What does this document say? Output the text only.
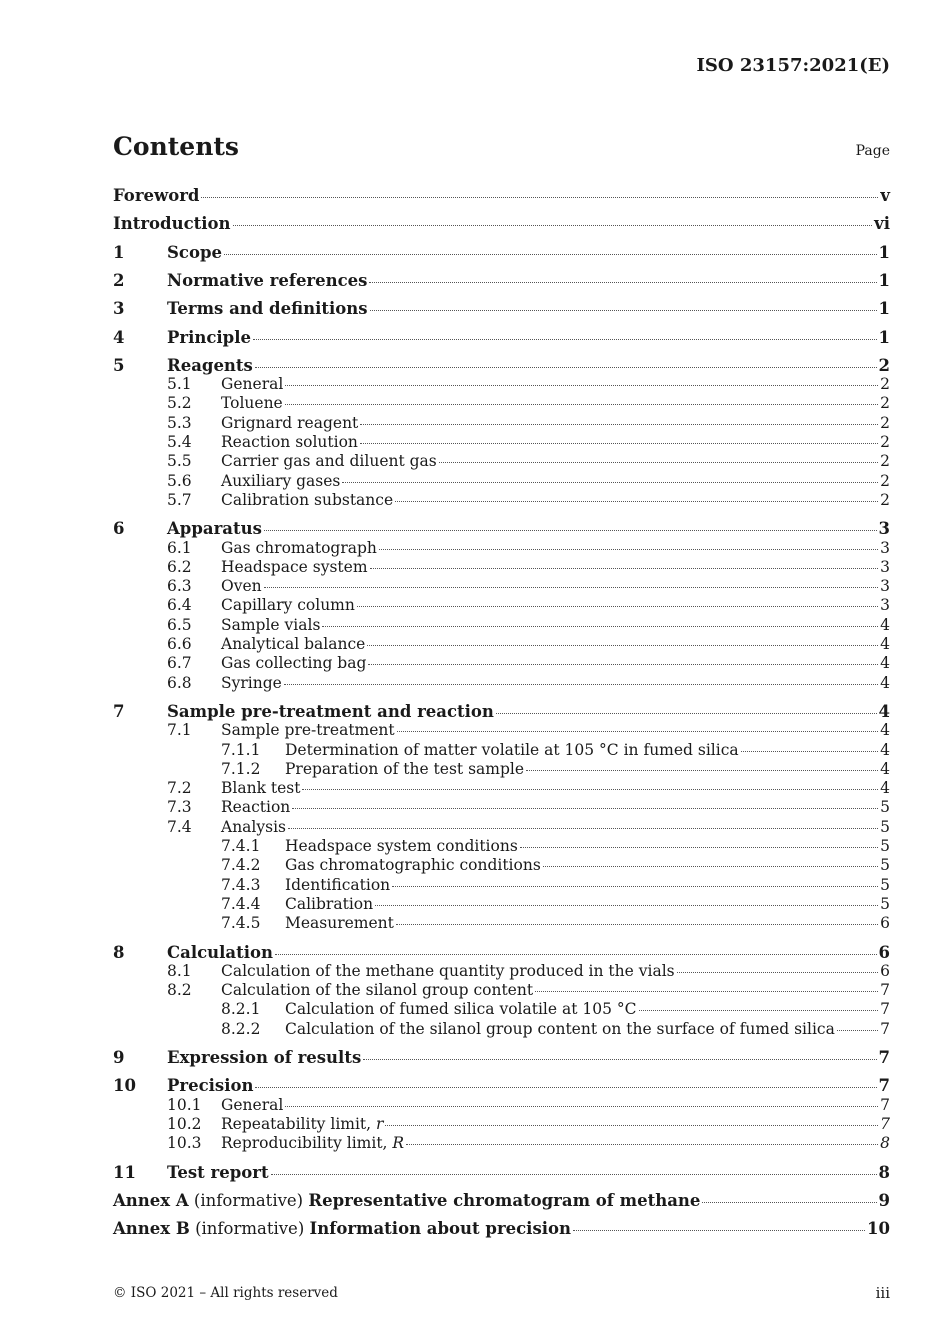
ISO 23157:2021(E)
Contents	Page
Foreword	v
Introduction	vi
1	Scope	1
2	Normative references	1
3	Terms and definitions	1
4	Principle	1
5	Reagents	2
5.1	General	2
5.2	Toluene	2
5.3	Grignard reagent	2
5.4	Reaction solution	2
5.5	Carrier gas and diluent gas	2
5.6	Auxiliary gases	2
5.7	Calibration substance	2
6	Apparatus	3
6.1	Gas chromatograph	3
6.2	Headspace system	3
6.3	Oven	3
6.4	Capillary column	3
6.5	Sample vials	4
6.6	Analytical balance	4
6.7	Gas collecting bag	4
6.8	Syringe	4
7	Sample pre-treatment and reaction	4
7.1	Sample pre-treatment	4
7.1.1	Determination of matter volatile at 105 °C in fumed silica	4
7.1.2	Preparation of the test sample	4
7.2	Blank test	4
7.3	Reaction	5
7.4	Analysis	5
7.4.1	Headspace system conditions	5
7.4.2	Gas chromatographic conditions	5
7.4.3	Identification	5
7.4.4	Calibration	5
7.4.5	Measurement	6
8	Calculation	6
8.1	Calculation of the methane quantity produced in the vials	6
8.2	Calculation of the silanol group content	7
8.2.1	Calculation of fumed silica volatile at 105 °C	7
8.2.2	Calculation of the silanol group content on the surface of fumed silica	7
9	Expression of results	7
10	Precision	7
10.1	General	7
10.2	Repeatability limit, r	7
10.3	Reproducibility limit, R	8
11	Test report	8
Annex A (informative) Representative chromatogram of methane	9
Annex B (informative) Information about precision	10
© ISO 2021 – All rights reserved	iii
